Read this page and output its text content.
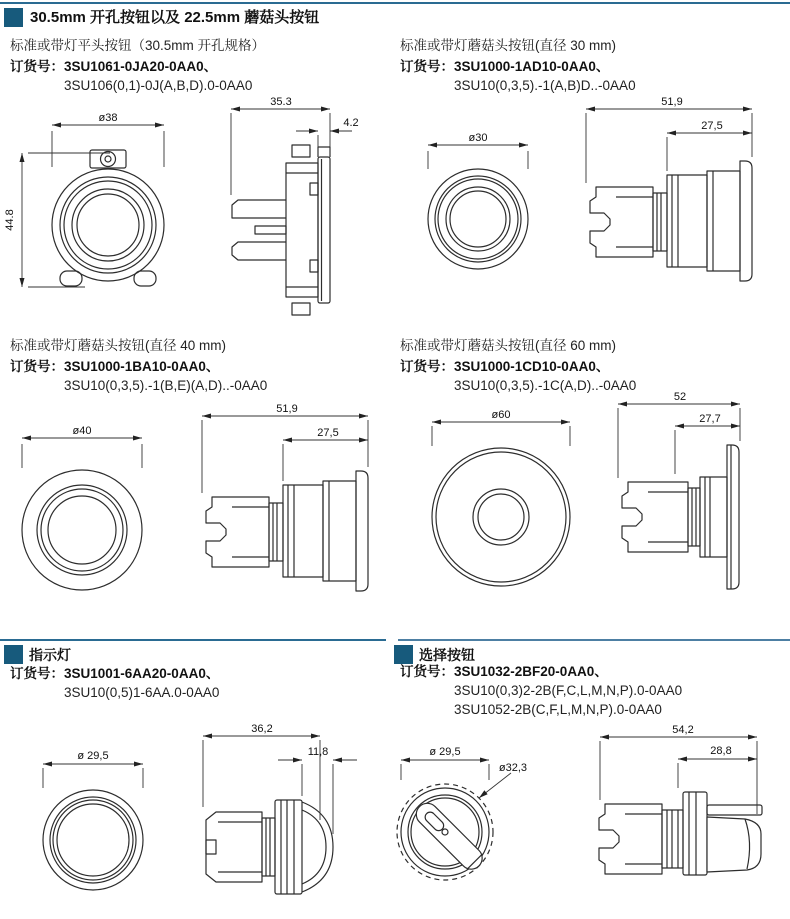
30.5mm 开孔按钮以及 22.5mm 蘑菇头按钮
标准或带灯平头按钮（30.5mm 开孔规格）
订货号： 3SU1061-0JA20-0AA0、
3SU106(0,1)-0J(A,B,D).0-0AA0
标准或带灯蘑菇头按钮(直径 30 mm)
订货号： 3SU1000-1AD10-0AA0、
3SU10(0,3,5).-1(A,B)D..-0AA0
ø38
44.8
35.3
4.2
ø30
51,9
27,5
标准或带灯蘑菇头按钮(直径 40 mm)
订货号： 3SU1000-1BA10-0AA0、
3SU10(0,3,5).-1(B,E)(A,D)..-0AA0
标准或带灯蘑菇头按钮(直径 60 mm)
订货号： 3SU1000-1CD10-0AA0、
3SU10(0,3,5).-1C(A,D)..-0AA0
ø40
51,9
27,5
ø60
52
27,7
指示灯
订货号： 3SU1001-6AA20-0AA0、
3SU10(0,5)1-6AA.0-0AA0
选择按钮
订货号： 3SU1032-2BF20-0AA0、
3SU10(0,3)2-2B(F,C,L,M,N,P).0-0AA0
3SU1052-2B(C,F,L,M,N,P).0-0AA0
ø 29,5
36,2
11,8	ø 29,5
ø32,3
54,2
28,8
